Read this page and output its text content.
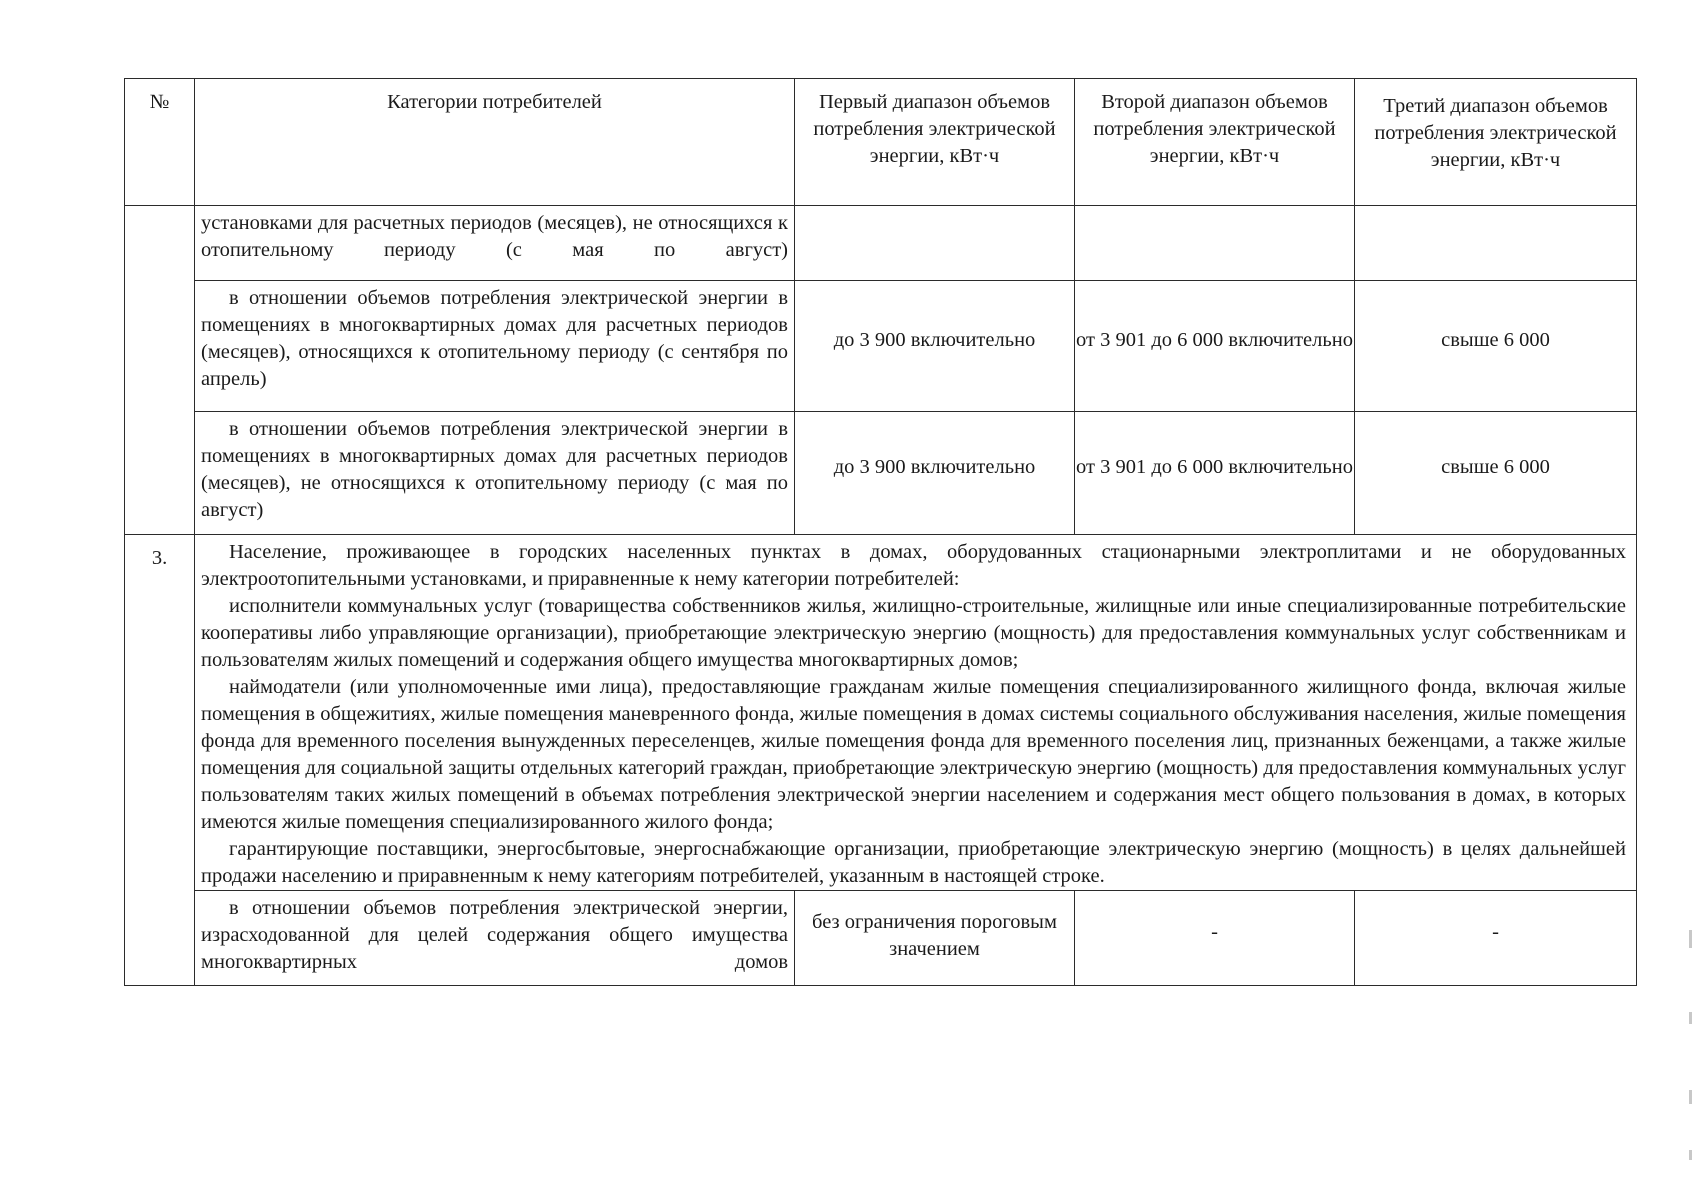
№	Категории потребителей	Первый диапазон объемов потребления электрической энергии, кВт·ч	Второй диапазон объемов потребления электрической энергии, кВт·ч	Третий диапазон объемов потребления электрической энергии, кВт·ч
	установками для расчетных периодов (месяцев), не относящихся к отопительному периоду (с мая по август)			
	в отношении объемов потребления электрической энергии в помещениях в многоквартирных домах для расчетных периодов (месяцев), относящихся к отопительному периоду (с сентября по апрель)	до 3 900 включительно	от 3 901 до 6 000 включительно	свыше 6 000
	в отношении объемов потребления электрической энергии в помещениях в многоквартирных домах для расчетных периодов (месяцев), не относящихся к отопительному периоду (с мая по август)	до 3 900 включительно	от 3 901 до 6 000 включительно	свыше 6 000
3.	Население, проживающее в городских населенных пунктах в домах, оборудованных стационарными электроплитами и не оборудованных электроотопительными установками, и приравненные к нему категории потребителей:

исполнители коммунальных услуг (товарищества собственников жилья, жилищно-строительные, жилищные или иные специализированные потребительские кооперативы либо управляющие организации), приобретающие электрическую энергию (мощность) для предоставления коммунальных услуг собственникам и пользователям жилых помещений и содержания общего имущества многоквартирных домов;

наймодатели (или уполномоченные ими лица), предоставляющие гражданам жилые помещения специализированного жилищного фонда, включая жилые помещения в общежитиях, жилые помещения маневренного фонда, жилые помещения в домах системы социального обслуживания населения, жилые помещения фонда для временного поселения вынужденных переселенцев, жилые помещения фонда для временного поселения лиц, признанных беженцами, а также жилые помещения для социальной защиты отдельных категорий граждан, приобретающие электрическую энергию (мощность) для предоставления коммунальных услуг пользователям таких жилых помещений в объемах потребления электрической энергии населением и содержания мест общего пользования в домах, в которых имеются жилые помещения специализированного жилого фонда;

гарантирующие поставщики, энергосбытовые, энергоснабжающие организации, приобретающие электрическую энергию (мощность) в целях дальнейшей продажи населению и приравненным к нему категориям потребителей, указанным в настоящей строке.			

	в отношении объемов потребления электрической энергии, израсходованной для целей содержания общего имущества многоквартирных домов	без ограничения пороговым значением	-	-
